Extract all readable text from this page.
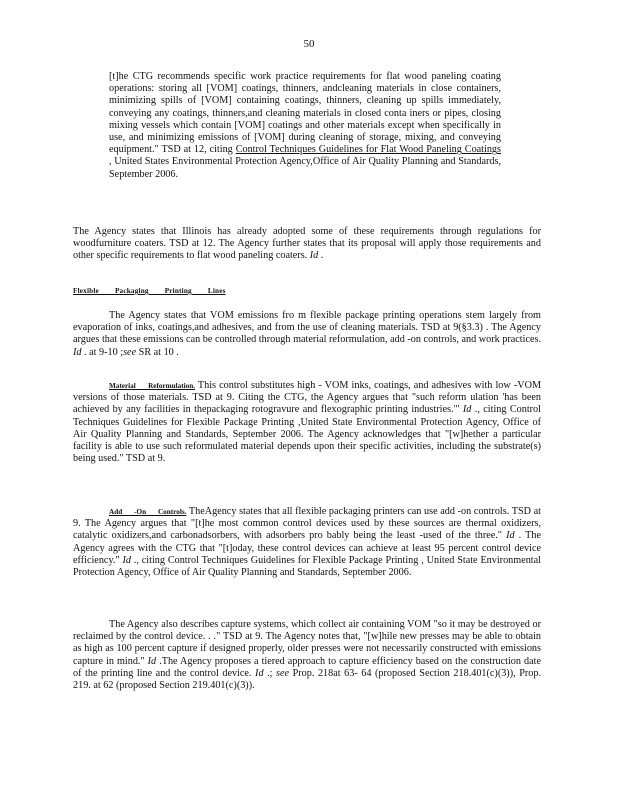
50

[t]he CTG recommends specific work practice requirements for flat wood paneling coating operations: storing all [VOM] coatings, thinners, andcleaning materials in close containers, minimizing spills of [VOM] containing coatings, thinners, cleaning up spills immediately, conveying any coatings, thinners,and cleaning materials in closed conta iners or pipes, closing mixing vessels which contain [VOM] coatings and other materials except when specifically in use, and minimizing emissions of [VOM] during cleaning of storage, mixing, and conveying equipment." TSD at 12, citing Control Techniques Guidelines for Flat Wood Paneling Coatings , United States Environmental Protection Agency,Office of Air Quality Planning and Standards, September 2006.

The Agency states that Illinois has already adopted some of these requirements through regulations for woodfurniture coaters. TSD at 12. The Agency further states that its proposal will apply those requirements and other specific requirements to flat wood paneling coaters. Id .

Flexible Packaging Printing Lines

The Agency states that VOM emissions fro m flexible package printing operations stem largely from evaporation of inks, coatings,and adhesives, and from the use of cleaning materials. TSD at 9(§3.3) . The Agency argues that these emissions can be controlled through material reformulation, add -on controls, and work practices. Id . at 9-10 ;see SR at 10 .

Material Reformulation. This control substitutes high - VOM inks, coatings, and adhesives with low -VOM versions of those materials. TSD at 9. Citing the CTG, the Agency argues that "such reform ulation 'has been achieved by any facilities in thepackaging rotogravure and flexographic printing industries.'" Id ., citing Control Techniques Guidelines for Flexible Package Printing ,United State Environmental Protection Agency, Office of Air Quality Planning and Standards, September 2006. The Agency acknowledges that "[w]hether a particular facility is able to use such reformulated material depends upon their specific activities, including the substrate(s) being used." TSD at 9.

Add -On Controls. TheAgency states that all flexible packaging printers can use add -on controls. TSD at 9. The Agency argues that "[t]he most common control devices used by these sources are thermal oxidizers, catalytic oxidizers,and carbonadsorbers, with adsorbers pro bably being the least -used of the three." Id . The Agency agrees with the CTG that "[t]oday, these control devices can achieve at least 95 percent control device efficiency." Id ., citing Control Techniques Guidelines for Flexible Package Printing , United State Environmental Protection Agency, Office of Air Quality Planning and Standards, September 2006.

The Agency also describes capture systems, which collect air containing VOM "so it may be destroyed or reclaimed by the control device. . ." TSD at 9. The Agency notes that, "[w]hile new presses may be able to obtain as high as 100 percent capture if designed properly, older presses were not necessarily constructed with emissions capture in mind." Id .The Agency proposes a tiered approach to capture efficiency based on the construction date of the printing line and the control device. Id .; see Prop. 218at 63- 64 (proposed Section 218.401(c)(3)), Prop. 219. at 62 (proposed Section 219.401(c)(3)).
